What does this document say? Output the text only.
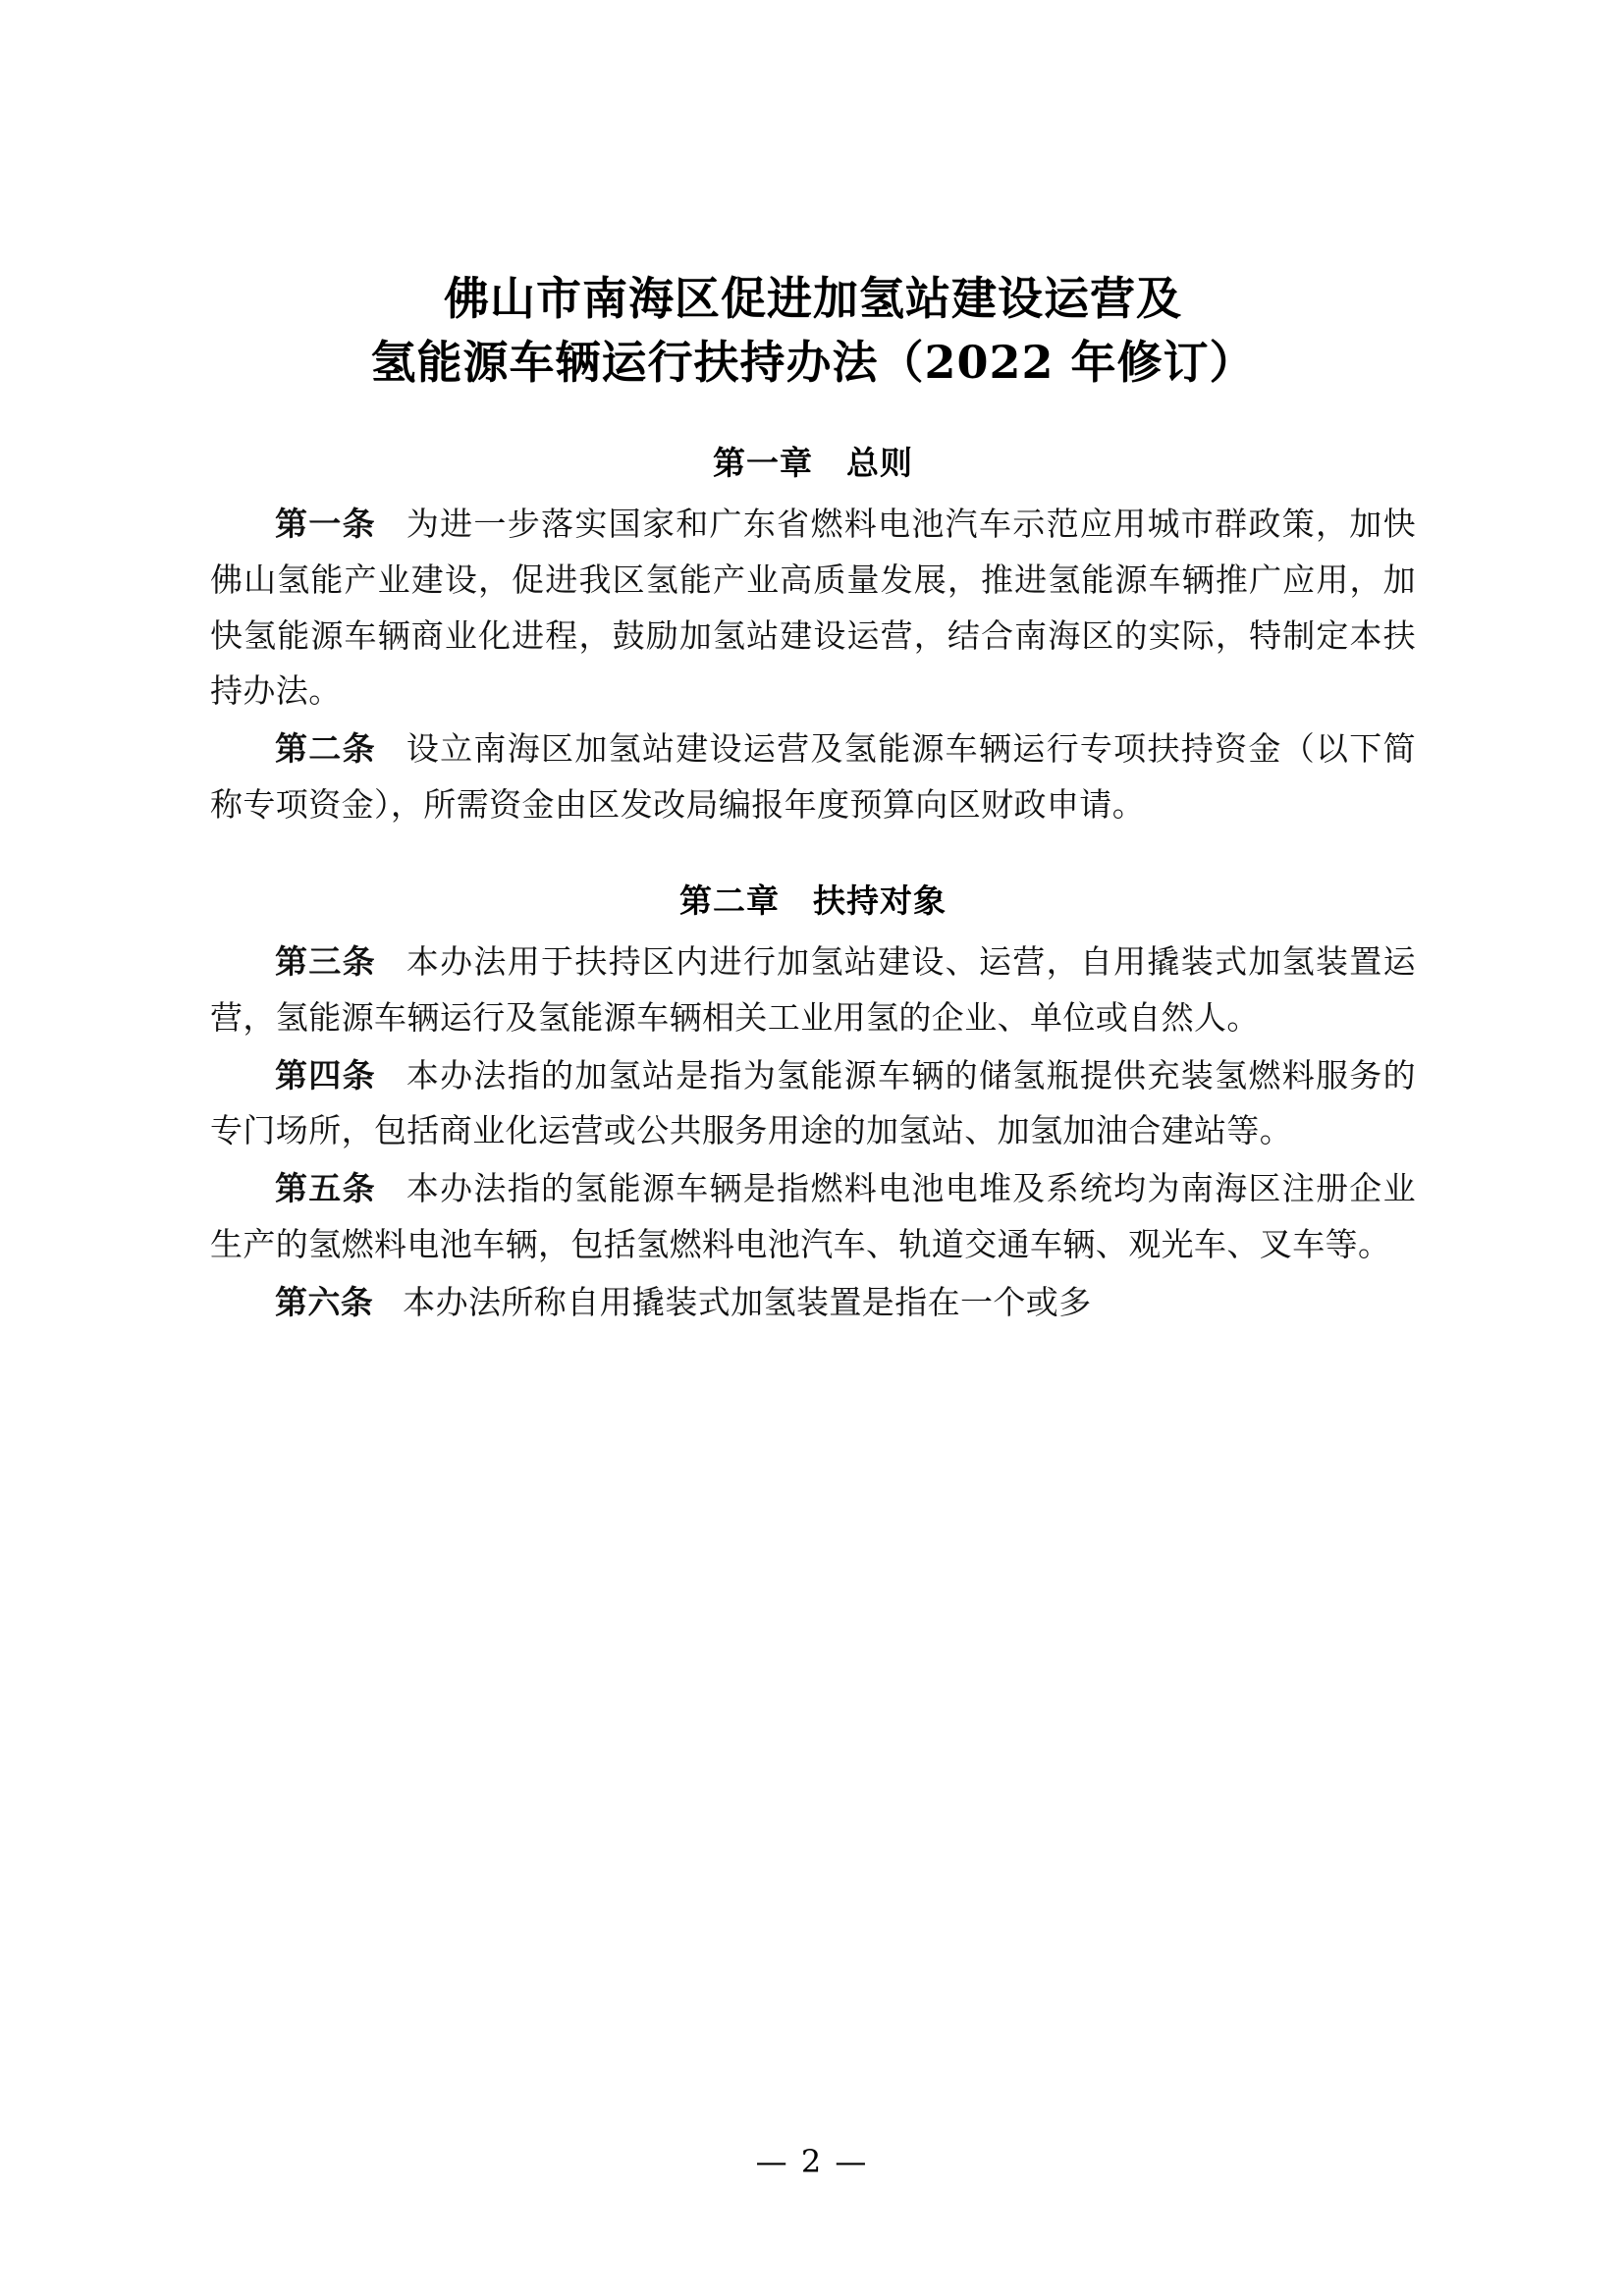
佛山市南海区促进加氢站建设运营及
氢能源车辆运行扶持办法（2022 年修订）
第一章 总则

第一条 为进一步落实国家和广东省燃料电池汽车示范应用城市群政策，加快佛山氢能产业建设，促进我区氢能产业高质量发展，推进氢能源车辆推广应用，加快氢能源车辆商业化进程，鼓励加氢站建设运营，结合南海区的实际，特制定本扶持办法。

第二条 设立南海区加氢站建设运营及氢能源车辆运行专项扶持资金（以下简称专项资金），所需资金由区发改局编报年度预算向区财政申请。

第二章 扶持对象

第三条 本办法用于扶持区内进行加氢站建设、运营，自用撬装式加氢装置运营，氢能源车辆运行及氢能源车辆相关工业用氢的企业、单位或自然人。

第四条 本办法指的加氢站是指为氢能源车辆的储氢瓶提供充装氢燃料服务的专门场所，包括商业化运营或公共服务用途的加氢站、加氢加油合建站等。

第五条 本办法指的氢能源车辆是指燃料电池电堆及系统均为南海区注册企业生产的氢燃料电池车辆，包括氢燃料电池汽车、轨道交通车辆、观光车、叉车等。

第六条 本办法所称自用撬装式加氢装置是指在一个或多

— 2 —
